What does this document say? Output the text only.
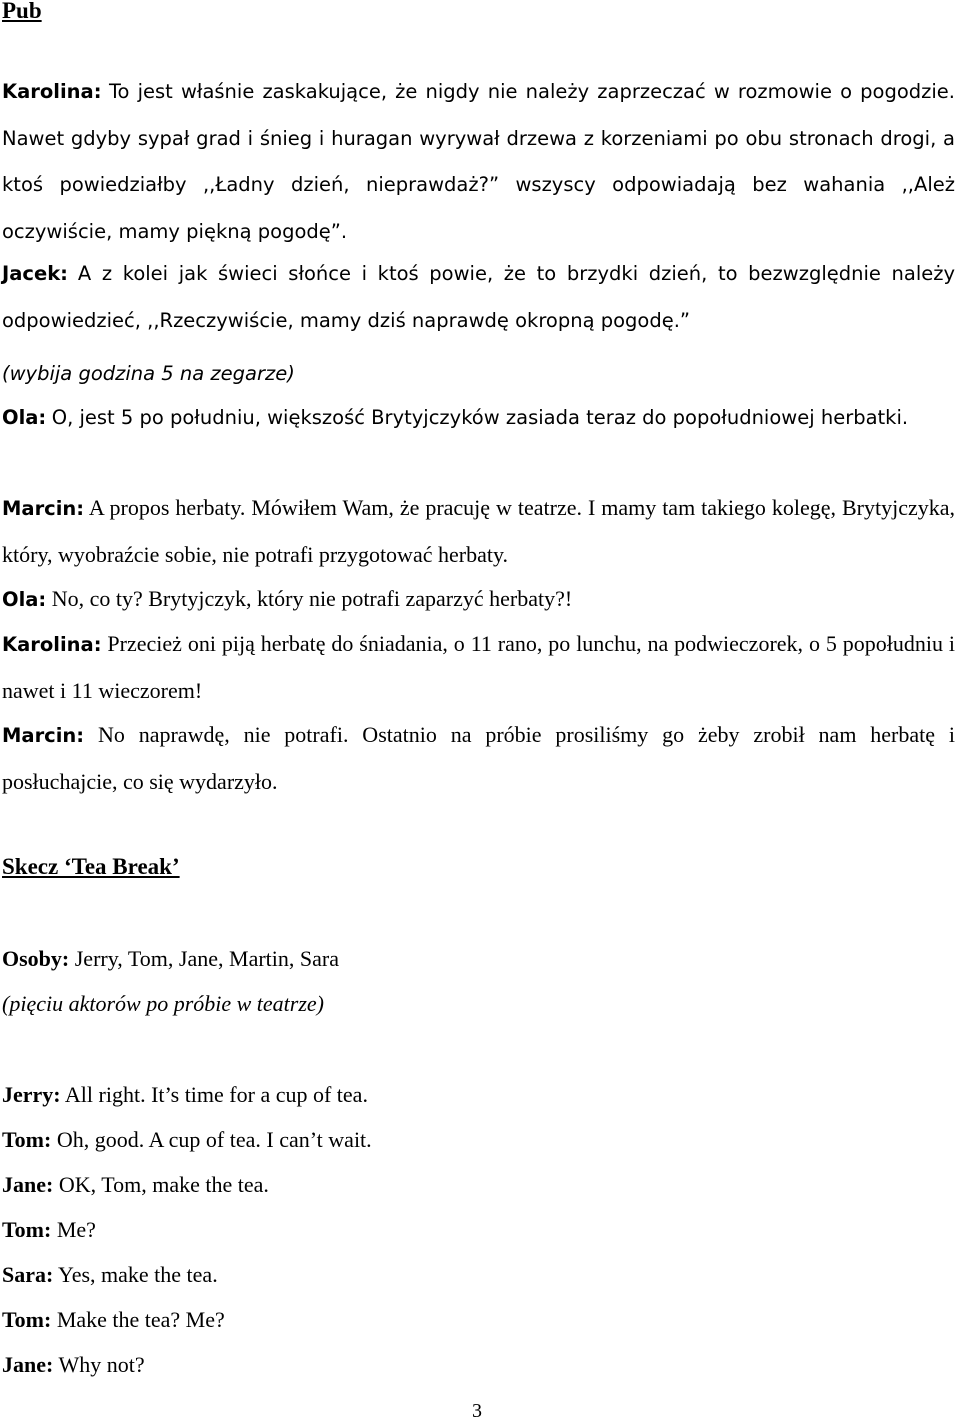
Pub

Karolina: To jest właśnie zaskakujące, że nigdy nie należy zaprzeczać w rozmowie o pogodzie. Nawet gdyby sypał grad i śnieg i huragan wyrywał drzewa z korzeniami po obu stronach drogi, a ktoś powiedziałby ,,Ładny dzień, nieprawdaż?” wszyscy odpowiadają bez wahania ,,Ależ oczywiście, mamy piękną pogodę”.

Jacek: A z kolei jak świeci słońce i ktoś powie, że to brzydki dzień, to bezwzględnie należy odpowiedzieć, ,,Rzeczywiście, mamy dziś naprawdę okropną pogodę.”

(wybija godzina 5 na zegarze)

Ola: O, jest 5 po południu, większość Brytyjczyków zasiada teraz do popołudniowej herbatki.

Marcin: A propos herbaty. Mówiłem Wam, że pracuję w teatrze. I mamy tam takiego kolegę, Brytyjczyka, który, wyobraźcie sobie, nie potrafi przygotować herbaty.

Ola: No, co ty? Brytyjczyk, który nie potrafi zaparzyć herbaty?!

Karolina: Przecież oni piją herbatę do śniadania, o 11 rano, po lunchu, na podwieczorek, o 5 popołudniu i nawet i 11 wieczorem!

Marcin: No naprawdę, nie potrafi. Ostatnio na próbie prosiliśmy go żeby zrobił nam herbatę i posłuchajcie, co się wydarzyło.

Skecz ‘Tea Break’

Osoby: Jerry, Tom, Jane, Martin, Sara

(pięciu aktorów po próbie w teatrze)

Jerry: All right. It’s time for a cup of tea.

Tom: Oh, good. A cup of tea. I can’t wait.

Jane: OK, Tom, make the tea.

Tom: Me?

Sara: Yes, make the tea.

Tom: Make the tea? Me?

Jane: Why not?

3
